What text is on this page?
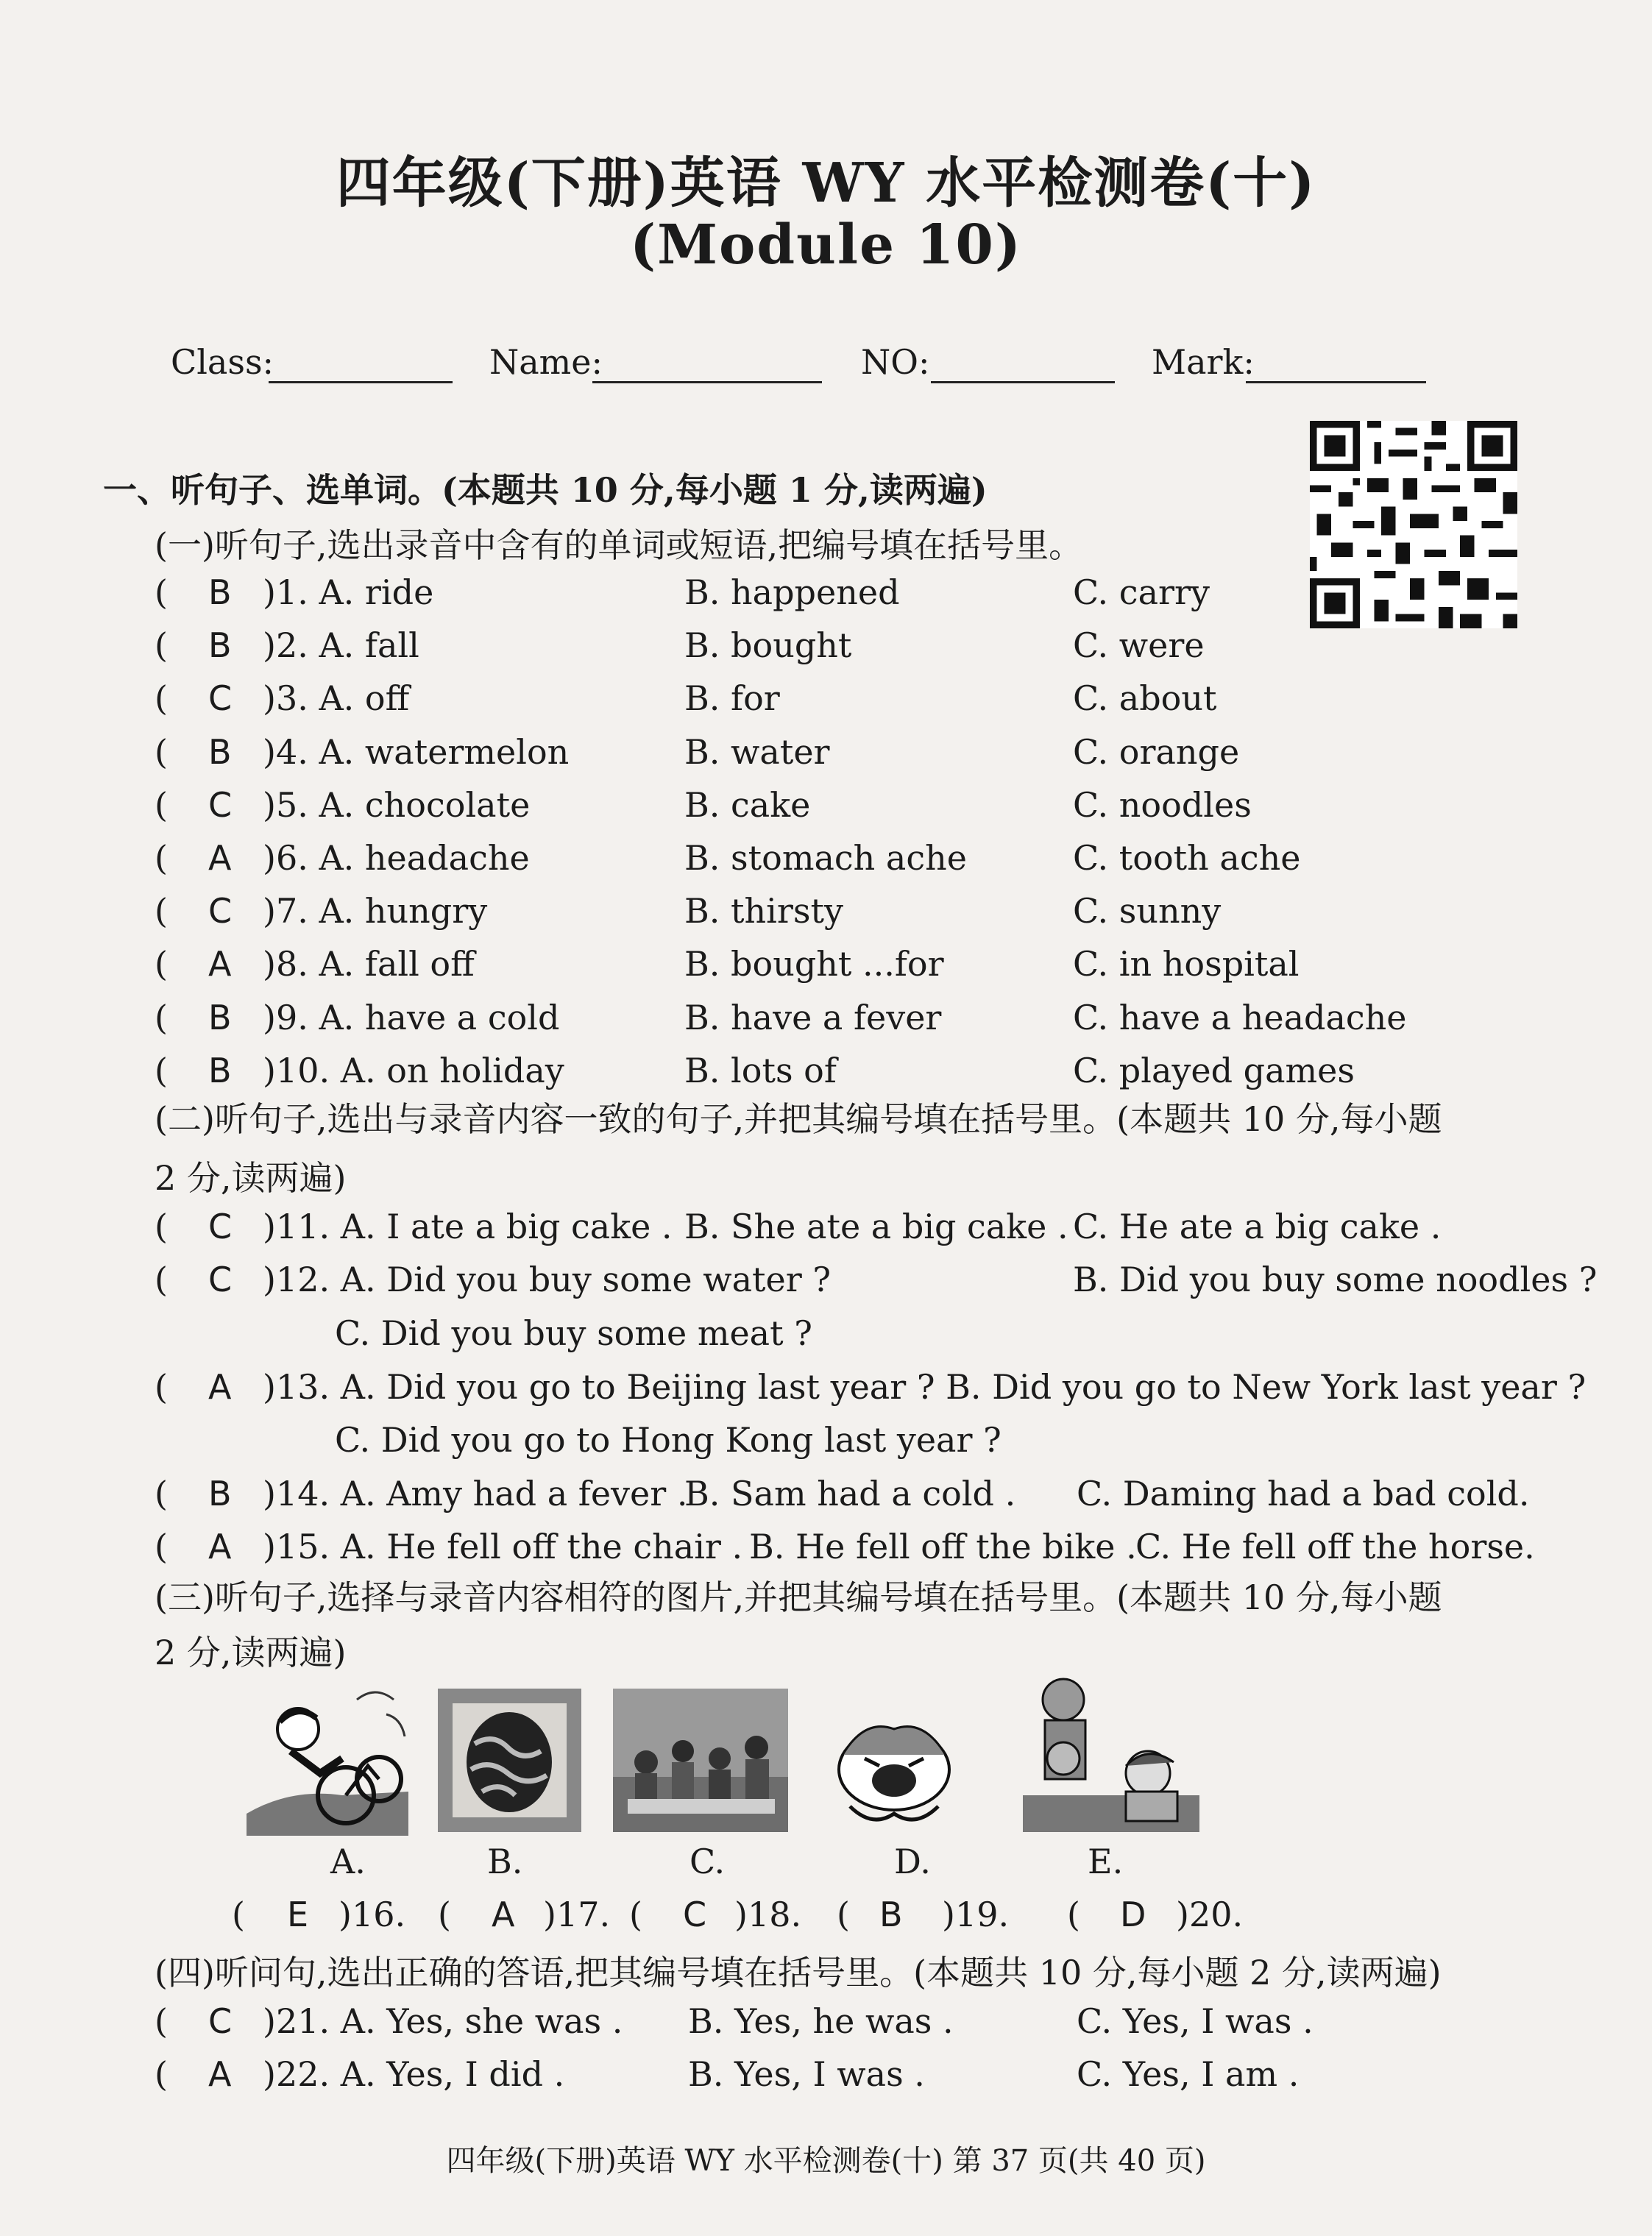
四年级(下册)英语 WY 水平检测卷(十)
(Module 10)
Class:	Name:	NO:	Mark:
一、听句子、选单词。(本题共 10 分,每小题 1 分,读两遍)
(一)听句子,选出录音中含有的单词或短语,把编号填在括号里。
( B )1. A. ride	B. happened	C. carry
( B )2. A. fall	B. bought	C. were
( C )3. A. off	B. for	C. about
( B )4. A. watermelon	B. water	C. orange
( C )5. A. chocolate	B. cake	C. noodles
( A )6. A. headache	B. stomach ache	C. tooth ache
( C )7. A. hungry	B. thirsty	C. sunny
( A )8. A. fall off	B. bought ...for	C. in hospital
( B )9. A. have a cold	B. have a fever	C. have a headache
( B )10. A. on holiday	B. lots of	C. played games
(二)听句子,选出与录音内容一致的句子,并把其编号填在括号里。(本题共 10 分,每小题
2 分,读两遍)
( C )11. A. I ate a big cake . B. She ate a big cake . C. He ate a big cake .
( C )12. A. Did you buy some water ?	B. Did you buy some noodles ?
C. Did you buy some meat ?
( A )13. A. Did you go to Beijing last year ? B. Did you go to New York last year ?
C. Did you go to Hong Kong last year ?
( B )14. A. Amy had a fever .
B. Sam had a cold . C. Daming had a bad cold.
( A )15. A. He fell off the chair . B. He fell off the bike .
C. He fell off the horse.
(三)听句子,选择与录音内容相符的图片,并把其编号填在括号里。(本题共 10 分,每小题
2 分,读两遍)
A.	B.	C.	D.	E.
( E )16. ( A )17. ( C )18. ( B )19. ( D )20.
(四)听问句,选出正确的答语,把其编号填在括号里。(本题共 10 分,每小题 2 分,读两遍)
( C )21. A. Yes, she was . B. Yes, he was .	C. Yes, I was .
( A )22. A. Yes, I did .	B. Yes, I was .	C. Yes, I am .
四年级(下册)英语 WY 水平检测卷(十) 第 37 页(共 40 页)
